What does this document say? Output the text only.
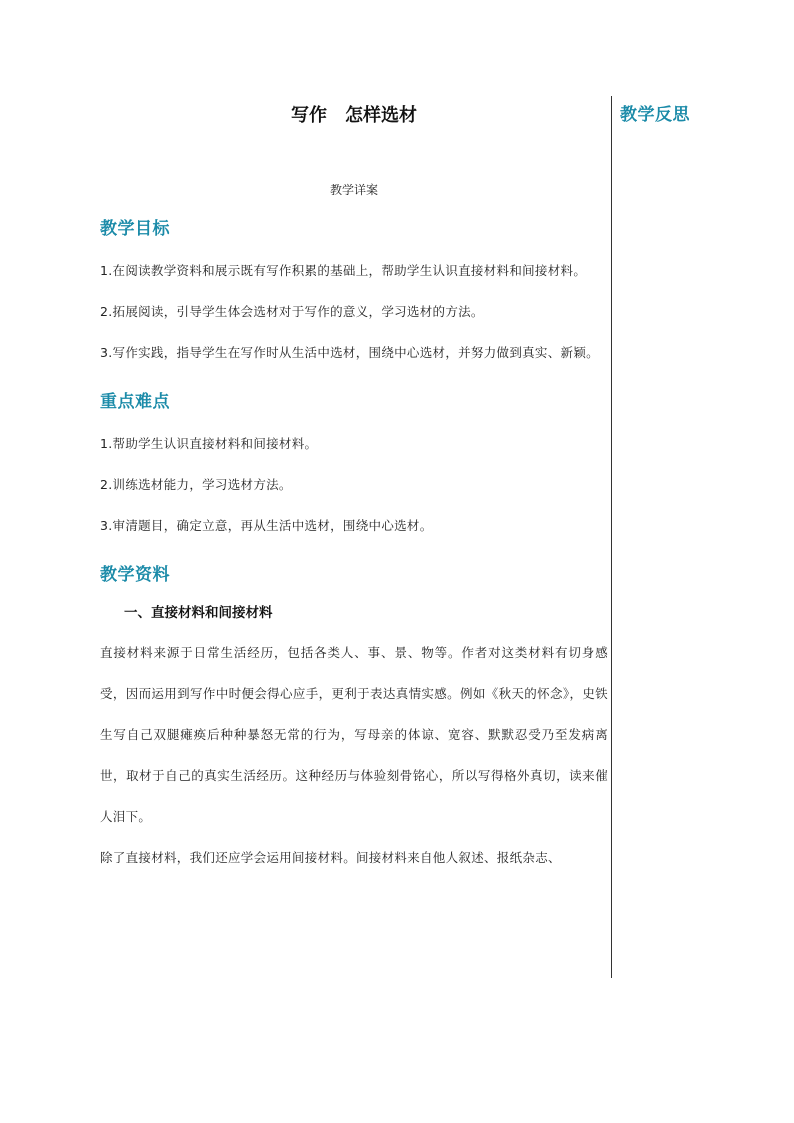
写作　怎样选材
教学详案
教学目标
1.在阅读教学资料和展示既有写作积累的基础上，帮助学生认识直接材料和间接材料。
2.拓展阅读，引导学生体会选材对于写作的意义，学习选材的方法。
3.写作实践，指导学生在写作时从生活中选材，围绕中心选材，并努力做到真实、新颖。
重点难点
1.帮助学生认识直接材料和间接材料。
2.训练选材能力，学习选材方法。
3.审清题目，确定立意，再从生活中选材，围绕中心选材。
教学资料
一、直接材料和间接材料
直接材料来源于日常生活经历，包括各类人、事、景、物等。作者对这类材料有切身感受，因而运用到写作中时便会得心应手，更利于表达真情实感。例如《秋天的怀念》，史铁生写自己双腿瘫痪后种种暴怒无常的行为，写母亲的体谅、宽容、默默忍受乃至发病离世，取材于自己的真实生活经历。这种经历与体验刻骨铭心，所以写得格外真切，读来催人泪下。
除了直接材料，我们还应学会运用间接材料。间接材料来自他人叙述、报纸杂志、
教学反思
